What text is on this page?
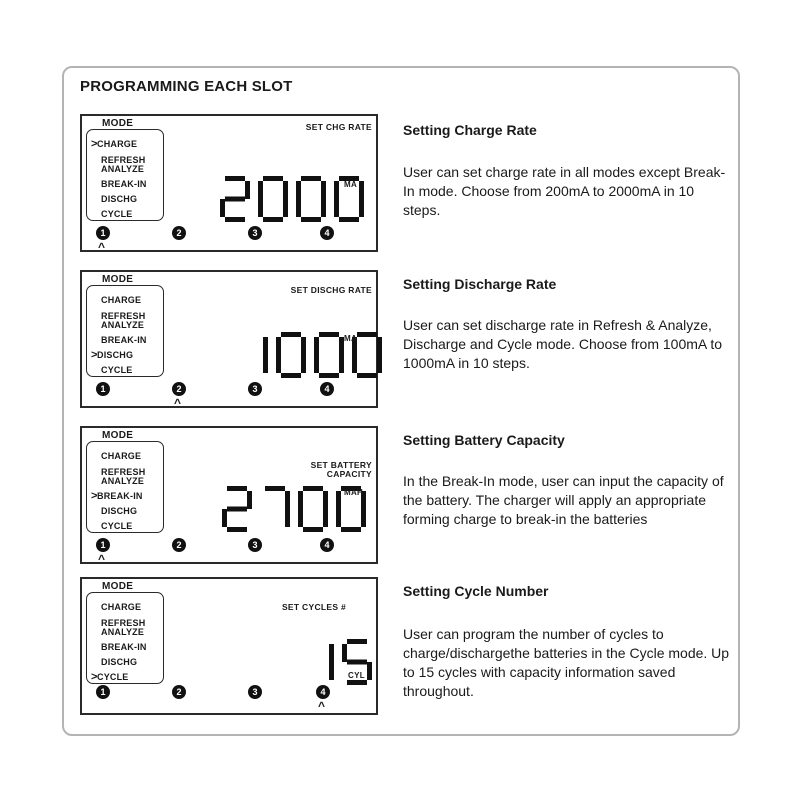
PROGRAMMING EACH SLOT
MODE
> CHARGE
REFRESH
ANALYZE
BREAK-IN
DISCHG
CYCLE
SET CHG RATE
MA
1	2	3	4
^
Setting Charge Rate
User can set charge rate in all modes except Break-In mode. Choose from 200mA to 2000mA in 10 steps.
MODE
CHARGE
REFRESH
ANALYZE
BREAK-IN
> DISCHG
CYCLE
SET DISCHG RATE
MA
1	2	3	4
^
Setting Discharge Rate
User can set discharge rate in Refresh & Analyze, Discharge and Cycle mode. Choose from 100mA to 1000mA in 10 steps.
MODE
CHARGE
REFRESH
ANALYZE
> BREAK-IN
DISCHG
CYCLE
SET BATTERY
CAPACITY
MAH
1	2	3	4
^
Setting Battery Capacity
In the Break-In mode, user can input the capacity of the battery. The charger will apply an appropriate forming charge to break-in the batteries
MODE
CHARGE
REFRESH
ANALYZE
BREAK-IN
DISCHG
> CYCLE
SET CYCLES #
CYL
1	2	3	4
^
Setting Cycle Number
User can program the number of cycles to charge/dischargethe batteries in the Cycle mode. Up to 15 cycles with capacity information saved throughout.
